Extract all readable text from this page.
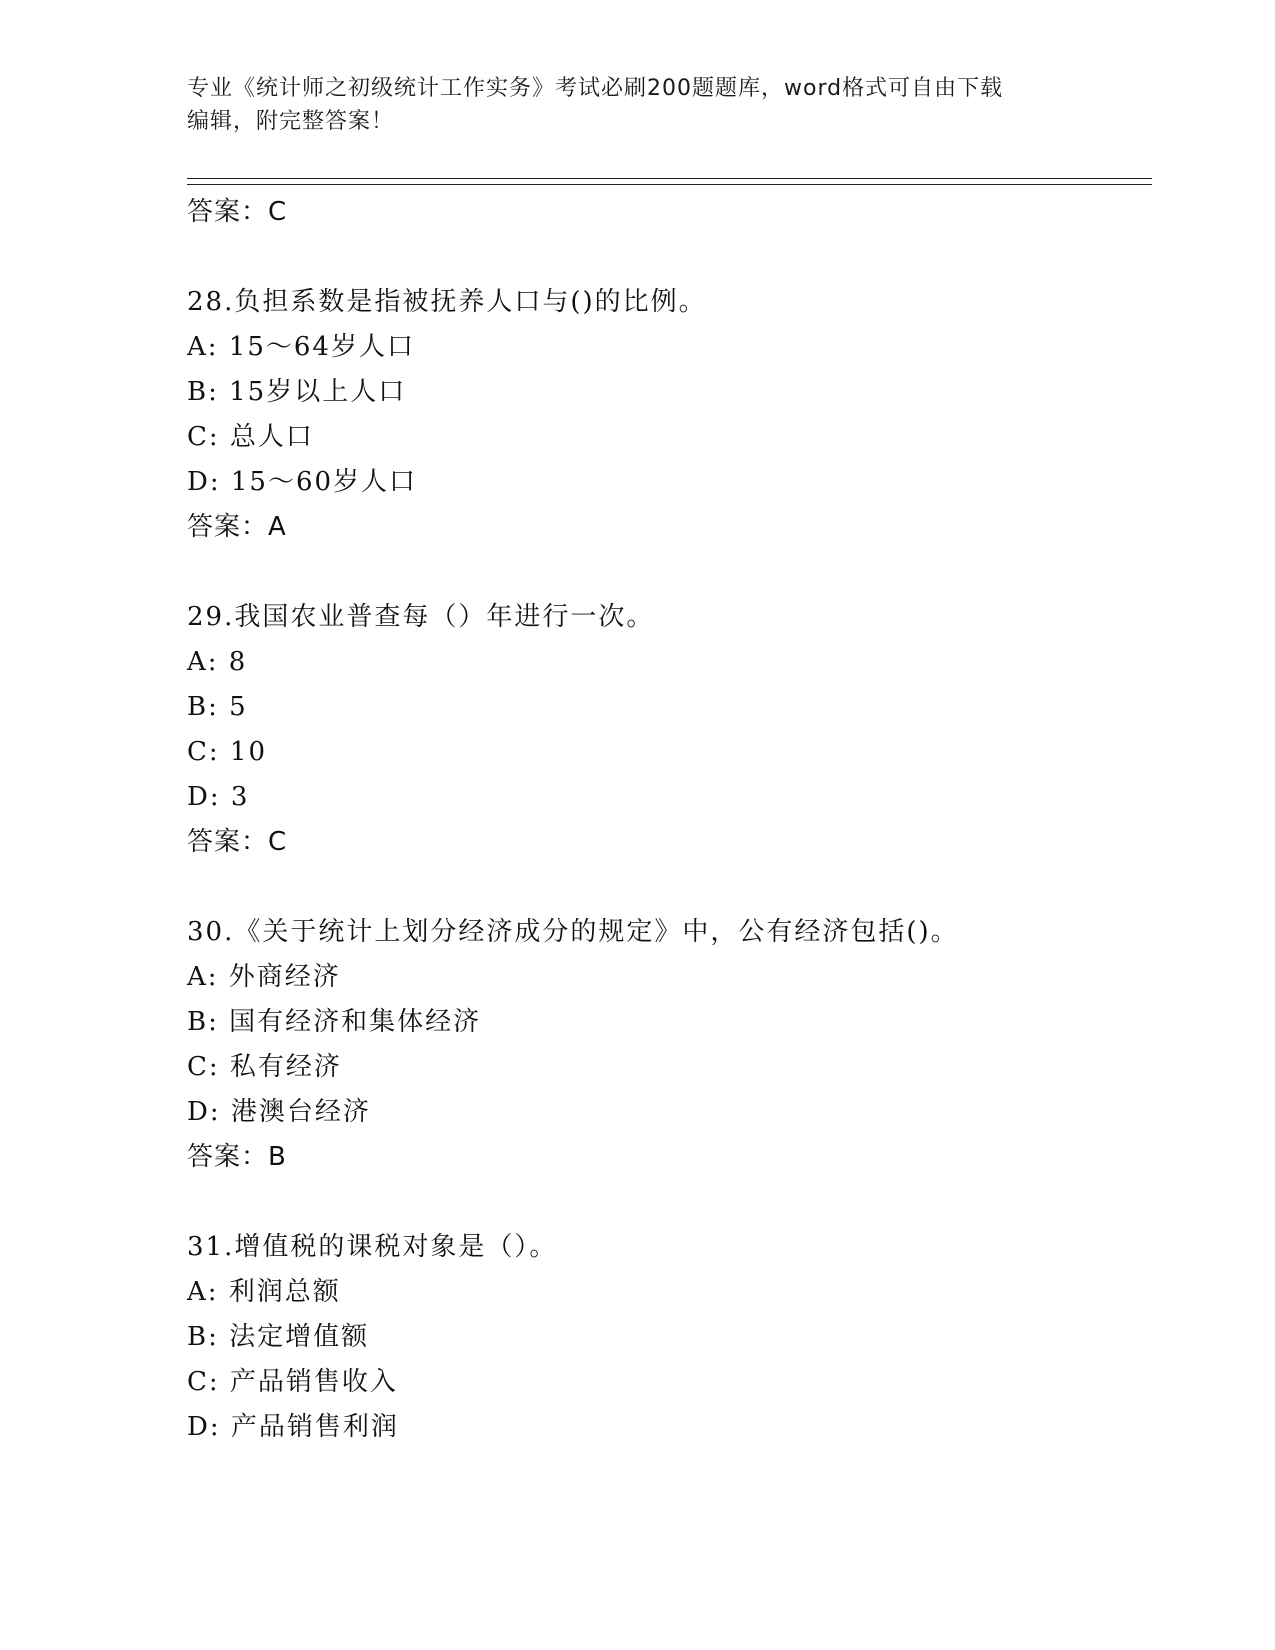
专业《统计师之初级统计工作实务》考试必刷200题题库，word格式可自由下载
编辑，附完整答案！
答案：C
28.负担系数是指被抚养人口与()的比例。
A: 15～64岁人口
B: 15岁以上人口
C: 总人口
D: 15～60岁人口
答案：A
29.我国农业普查每（）年进行一次。
A: 8
B: 5
C: 10
D: 3
答案：C
30.《关于统计上划分经济成分的规定》中，公有经济包括()。
A: 外商经济
B: 国有经济和集体经济
C: 私有经济
D: 港澳台经济
答案：B
31.增值税的课税对象是（）。
A: 利润总额
B: 法定增值额
C: 产品销售收入
D: 产品销售利润
